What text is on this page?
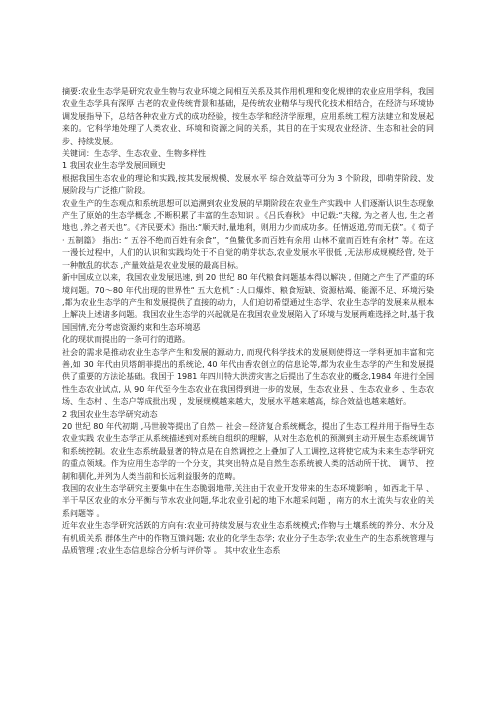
摘要:农业生态学是研究农业生物与农业环境之间相互关系及其作用机理和变化规律的农业应用学科，我国农业生态学具有深厚 古老的农业传统背景和基础，是传统农业精华与现代化技术相结合，在经济与环境协调发展指导下，总结各种农业方式的成功经验，按生态学和经济学原理，应用系统工程方法建立和发展起来的。它科学地处理了人类农业、环境和资源之间的关系，其目的在于实现农业经济、生态和社会的同步、持续发展。

关键词：生态学、生态农业、生物多样性

1 我国农业生态学发展回顾史

根据我国生态农业的理论和实践,按其发展规模、发展水平 综合效益等可分为 3 个阶段，即萌芽阶段、发展阶段与广泛推广阶段。

农业生产的生态观点和系统思想可以追溯到农业发展的早期阶段在农业生产实践中 人们逐渐认识生态现象 产生了原始的生态学概念 ,不断积累了丰富的生态知识 。《吕氏春秋》 中记载:“夫稼, 为之者人也, 生之者地也 ,养之者天也”。《齐民要术》指出:“顺天时,量地利，则用力少而成功多。任情返道,劳而无获”。《 荀子 · 五制篇》 指出: “ 五谷不绝而百姓有余食”，“鱼鳖优多而百姓有余用 山林不童而百姓有余材” 等。在这一漫长过程中，人们的认识和实践均处于不自觉的萌芽状态,农业发展水平很低 ,无法形成规模经营, 处于一种散乱的状态 ,产量效益是农业发展的最高目标。

新中国成立以来，我国农业发展迅速, 到 20 世纪 80 年代粮食问题基本得以解决 , 但随之产生了严重的环境问题。70～80 年代出现的世界性“ 五大危机” :人口爆炸、粮食短缺、资源枯竭、能源不足、环境污染 ,都为农业生态学的产生和发展提供了直接的动力，人们迫切希望通过生态学、农业生态学的发展来从根本上解决上述诸多问题。我国农业生态学的兴起就是在我国农业发展陷入了环境与发展两难选择之时,基于我国国情,充分考虑资源约束和生态环境恶

化的现状而提出的一条可行的道路。

社会的需求是推动农业生态学产生和发展的源动力, 而现代科学技术的发展则使得这一学科更加丰富和完善,如 30 年代由贝塔朗菲提出的系统论, 40 年代由香农创立的信息论等,都为农业生态学的产生和发展提供了重要的方法论基础。我国于 1981 年四川特大洪涝灾害之后提出了生态农业的概念,1984 年进行全国性生态农业试点, 从 90 年代至今生态农业在我国得到进一步的发展，生态农业县 、生态农业乡 、生态农场、生态村 、生态户等成批出现 ，发展规模越来越大，发展水平越来越高，综合效益也越来越好。

2 我国农业生态学研究动态

20 世纪 80 年代初期 ,马世骏等提出了自然－ 社会－经济复合系统概念，提出了生态工程并用于指导生态农业实践 农业生态学正从系统描述到对系统自组织的理解，从对生态危机的预测到主动开展生态系统调节和系统控制。农业生态系统最显著的特点是在自然调控之上叠加了人工调控,这将使它成为未来生态学研究的重点领域。作为应用生态学的一个分支，其突出特点是自然生态系统被人类的活动所干扰、 调节、 控制和驯化,并列为人类当前和长远利益服务的范畴。

我国的农业生态学研究主要集中在生态脆弱地带,关注由于农业开发带来的生态环境影响 ，如西北干旱 、半干旱区农业的水分平衡与节水农业问题,华北农业引起的地下水超采问题 ，南方的水土流失与农业的关系问题等 。

近年农业生态学研究活跃的方向有:农业可持续发展与农业生态系统模式;作物与土壤系统的养分、水分及有机质关系 群体生产中的作物互馈问题; 农业的化学生态学; 农业分子生态学;农业生产的生态系统管理与品质管理 ;农业生态信息综合分析与评价等 。 其中农业生态系
